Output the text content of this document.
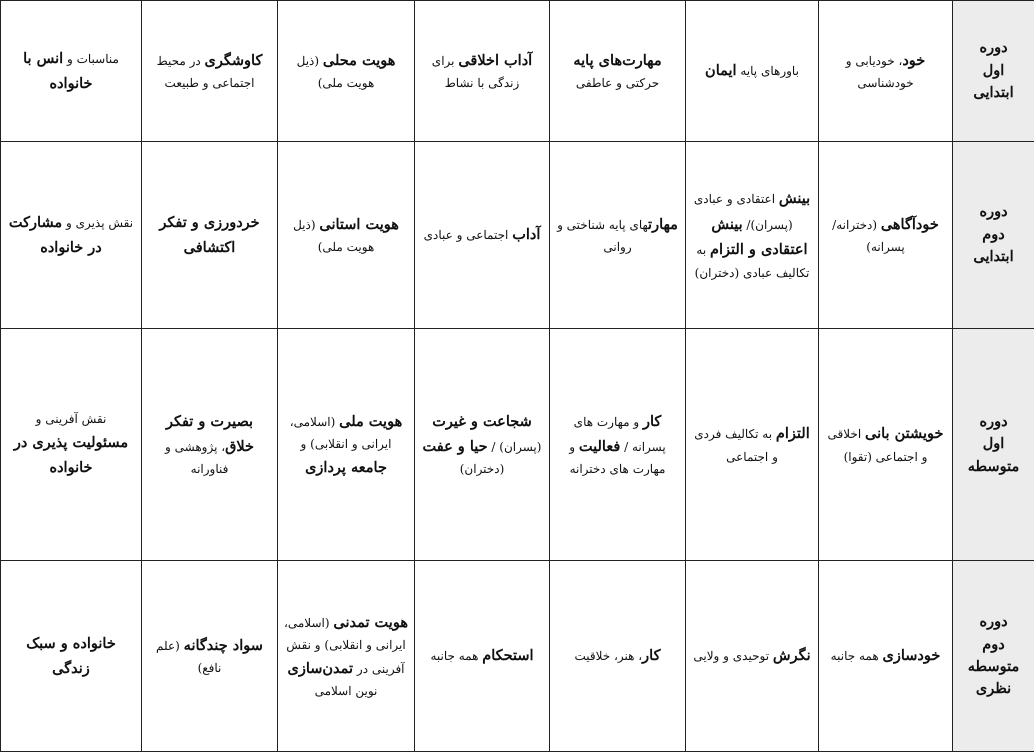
دوره
اول
ابتدایی	خود، خودیابی و خودشناسی	باورهای پایه ایمان	مهارت‌های پایه حرکتی و عاطفی	آداب اخلاقی برای زندگی با نشاط	هویت محلی (ذیل هویت ملی)	کاوشگری در محیط اجتماعی و طبیعت	مناسبات و انس با خانواده
دوره
دوم
ابتدایی	خودآگاهی (دخترانه/ پسرانه)	بینش اعتقادی و عبادی (پسران)/ بینش اعتقادی و التزام به تکالیف عبادی (دختران)	مهارتهای پایه شناختی و روانی	آداب اجتماعی و عبادی	هویت استانی (ذیل هویت ملی)	خردورزی و تفکر اکتشافی	نقش پذیری و مشارکت در خانواده
دوره
اول
متوسطه	خویشتن بانی اخلاقی و اجتماعی (تقوا)	التزام به تکالیف فردی و اجتماعی	کار و مهارت های پسرانه / فعالیت و مهارت های دخترانه	شجاعت و غیرت (پسران) / حیا و عفت (دختران)	هویت ملی (اسلامی، ایرانی و انقلابی) و جامعه پردازی	بصیرت و تفکر خلاق، پژوهشی و فناورانه	نقش آفرینی و مسئولیت پذیری در خانواده
دوره
دوم
متوسطه
نظری	خودسازی همه جانبه	نگرش توحیدی و ولایی	کار، هنر، خلاقیت	استحکام همه جانبه	هویت تمدنی (اسلامی، ایرانی و انقلابی) و نقش آفرینی در تمدن‌سازی نوین اسلامی	سواد چندگانه (علم نافع)	خانواده و سبک زندگی
